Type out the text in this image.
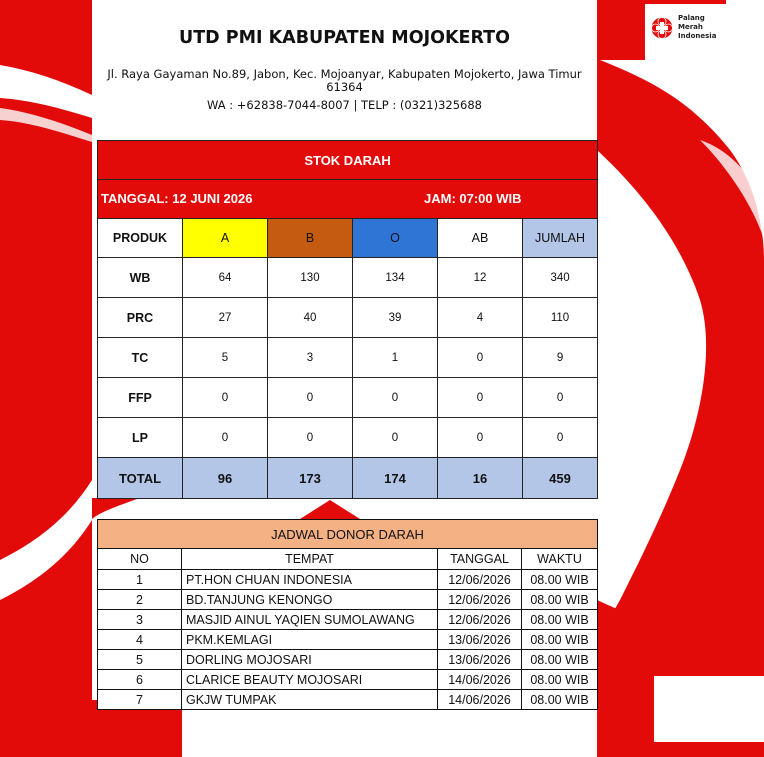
UTD PMI KABUPATEN MOJOKERTO
Jl. Raya Gayaman No.89, Jabon, Kec. Mojoanyar, Kabupaten Mojokerto, Jawa Timur 61364
WA : +62838-7044-8007 | TELP : (0321)325688
Palang
Merah
Indonesia
STOK DARAH					

TANGGAL: 12 JUNI 2026 JAM: 07:00 WIB					

PRODUK	A	B	O	AB	JUMLAH
WB	64	130	134	12	340
PRC	27	40	39	4	110
TC	5	3	1	0	9
FFP	0	0	0	0	0
LP	0	0	0	0	0
TOTAL	96	173	174	16	459
JADWAL DONOR DARAH			
NO	TEMPAT	TANGGAL	WAKTU
1	PT.HON CHUAN INDONESIA	12/06/2026	08.00 WIB
2	BD.TANJUNG KENONGO	12/06/2026	08.00 WIB
3	MASJID AINUL YAQIEN SUMOLAWANG	12/06/2026	08.00 WIB
4	PKM.KEMLAGI	13/06/2026	08.00 WIB
5	DORLING MOJOSARI	13/06/2026	08.00 WIB
6	CLARICE BEAUTY MOJOSARI	14/06/2026	08.00 WIB
7	GKJW TUMPAK	14/06/2026	08.00 WIB
